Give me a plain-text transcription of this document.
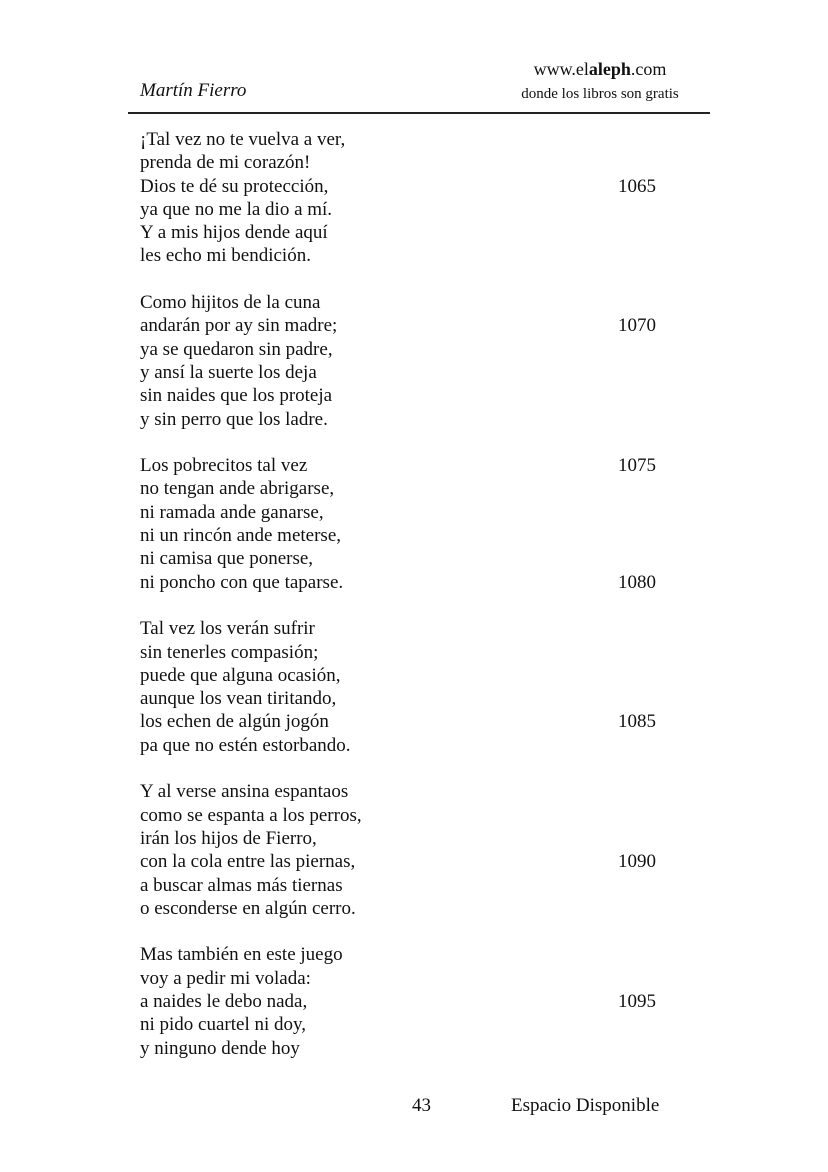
Martín Fierro
www.elaleph.com
donde los libros son gratis
¡Tal vez no te vuelva a ver,
prenda de mi corazón!
Dios te dé su protección,	1065
ya que no me la dio a mí.
Y a mis hijos dende aquí
les echo mi bendición.
Como hijitos de la cuna
andarán por ay sin madre;	1070
ya se quedaron sin padre,
y ansí la suerte los deja
sin naides que los proteja
y sin perro que los ladre.
Los pobrecitos tal vez	1075
no tengan ande abrigarse,
ni ramada ande ganarse,
ni un rincón ande meterse,
ni camisa que ponerse,
ni poncho con que taparse.	1080
Tal vez los verán sufrir
sin tenerles compasión;
puede que alguna ocasión,
aunque los vean tiritando,
los echen de algún jogón	1085
pa que no estén estorbando.
Y al verse ansina espantaos
como se espanta a los perros,
irán los hijos de Fierro,
con la cola entre las piernas,	1090
a buscar almas más tiernas
o esconderse en algún cerro.
Mas también en este juego
voy a pedir mi volada:
a naides le debo nada,	1095
ni pido cuartel ni doy,
y ninguno dende hoy
43	Espacio Disponible
